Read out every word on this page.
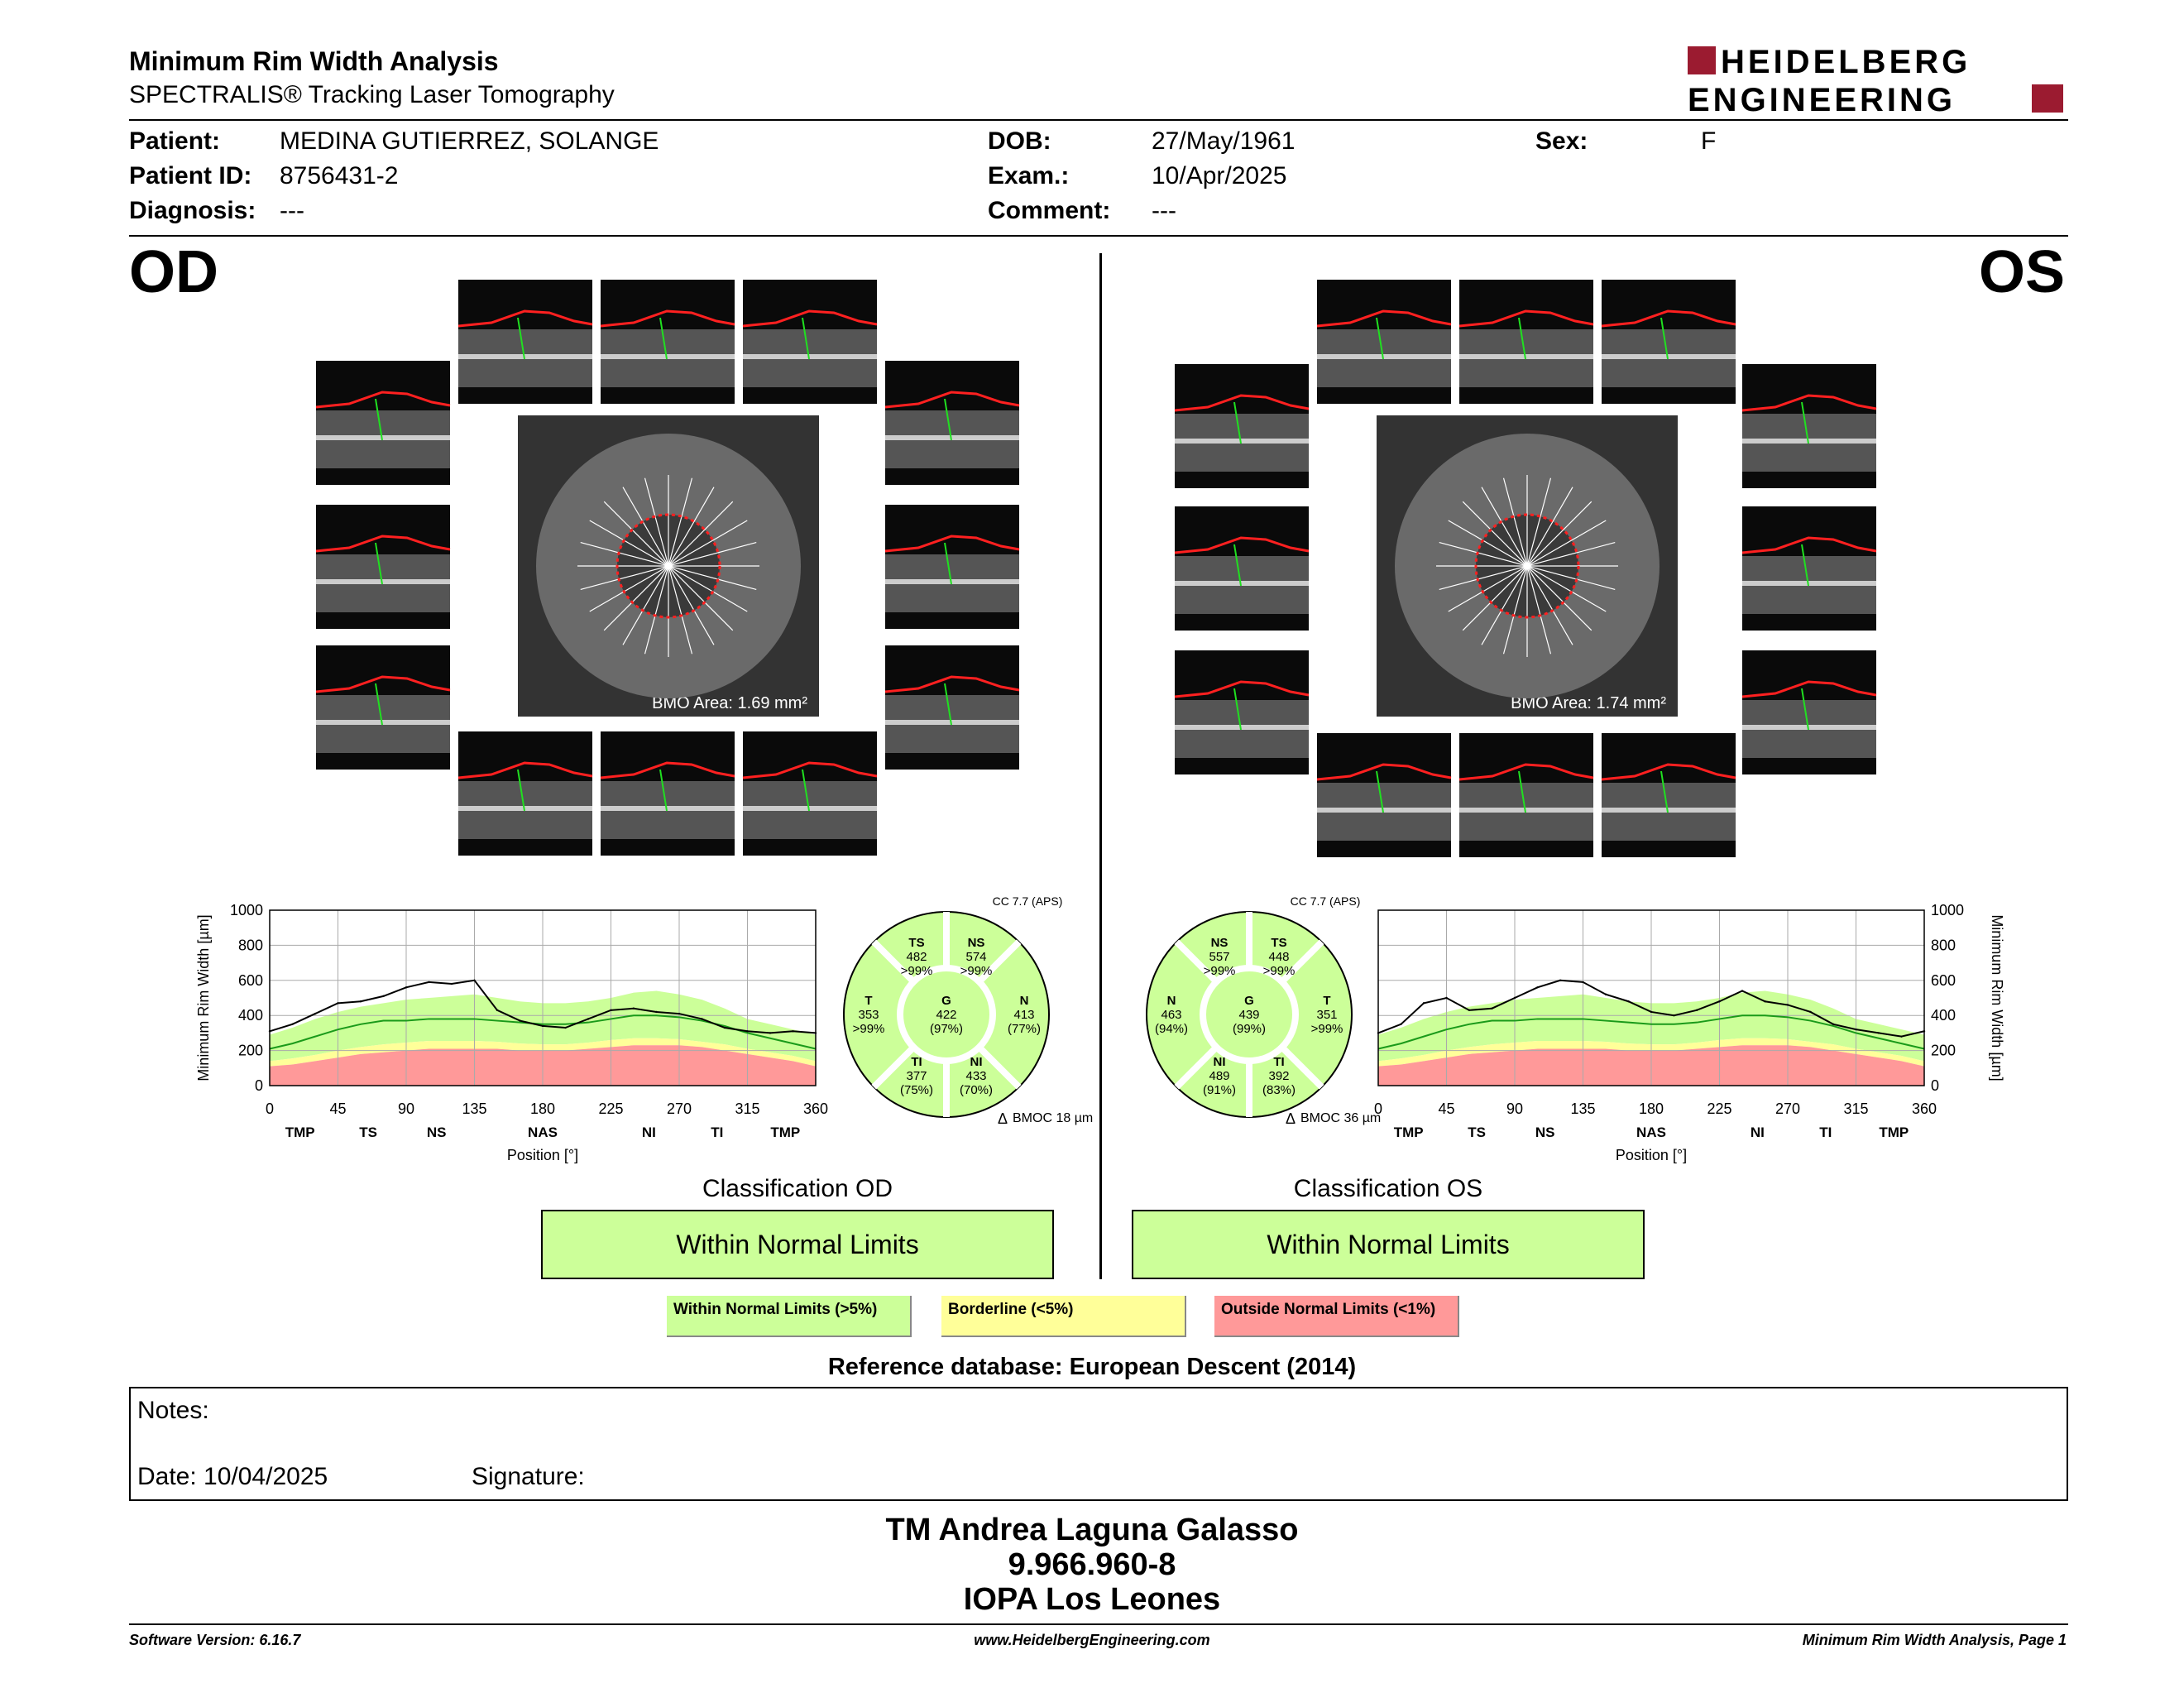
Minimum Rim Width Analysis
SPECTRALIS® Tracking Laser Tomography
HEIDELBERG
ENGINEERING
Patient: MEDINA GUTIERREZ, SOLANGE
Patient ID: 8756431-2
Diagnosis: ---
DOB:	27/May/1961
Exam.:	10/Apr/2025
Comment: ---
Sex:	F
OD	OS
BMO Area: 1.69 mm²	BMO Area: 1.74 mm²
0	45	90	135	180	225	270	315	360
0
200
400
600
800
1000
TMP	TS	NS	NAS	NI	TI	TMP
Position [°]
Minimum Rim Width [µm]
0	45	90	135	180	225	270	315	360
0
200
400
600
800
1000
TMP	TS	NS	NAS	NI	TI	TMP
Position [°]
Minimum Rim Width [µm]
CC 7.7 (APS)
TS
482
>99%
NS
574
>99%
T
353
>99%
G
422
(97%)
N
413
(77%)
TI
377
(75%)
NI
433
(70%)
BMOC 18 µm
Δ
CC 7.7 (APS)
NS
557
>99%
TS
448
>99%
N
463
(94%)
G
439
(99%)
T
351
>99%
NI
489
(91%)
TI
392
(83%)
BMOC 36 µm
Δ
Classification OD
Within Normal Limits
Classification OS
Within Normal Limits
Within Normal Limits (>5%)	Borderline (<5%)	Outside Normal Limits (<1%)
Reference database: European Descent (2014)
Notes:
Date: 10/04/2025	Signature:
TM Andrea Laguna Galasso
9.966.960-8
IOPA Los Leones
Software Version: 6.16.7	www.HeidelbergEngineering.com	Minimum Rim Width Analysis, Page 1
